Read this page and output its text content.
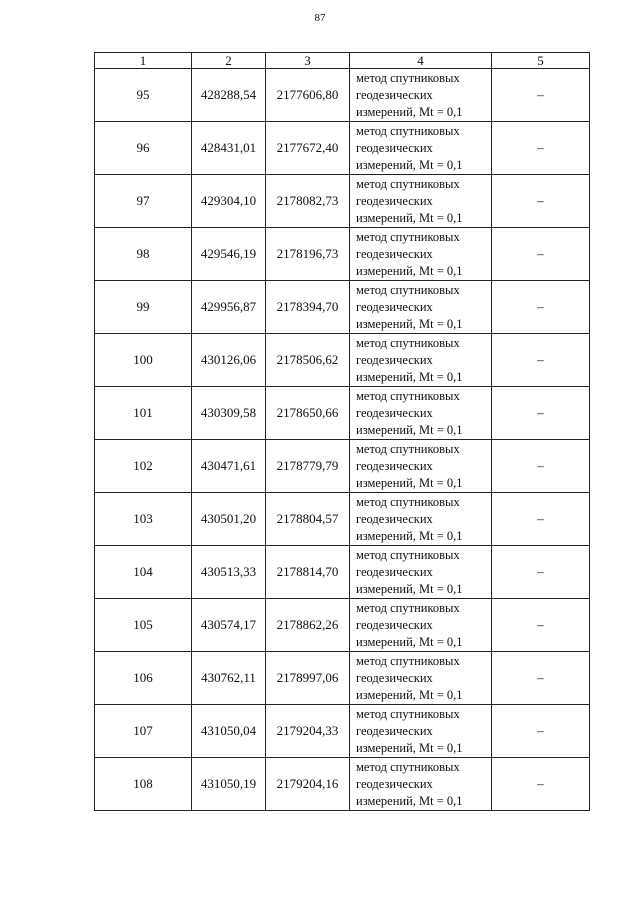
87
1	2	3	4	5
95	428288,54	2177606,80	метод спутниковых
геодезических
измерений, Mt = 0,1	–
96	428431,01	2177672,40	метод спутниковых
геодезических
измерений, Mt = 0,1	–
97	429304,10	2178082,73	метод спутниковых
геодезических
измерений, Mt = 0,1	–
98	429546,19	2178196,73	метод спутниковых
геодезических
измерений, Mt = 0,1	–
99	429956,87	2178394,70	метод спутниковых
геодезических
измерений, Mt = 0,1	–
100	430126,06	2178506,62	метод спутниковых
геодезических
измерений, Mt = 0,1	–
101	430309,58	2178650,66	метод спутниковых
геодезических
измерений, Mt = 0,1	–
102	430471,61	2178779,79	метод спутниковых
геодезических
измерений, Mt = 0,1	–
103	430501,20	2178804,57	метод спутниковых
геодезических
измерений, Mt = 0,1	–
104	430513,33	2178814,70	метод спутниковых
геодезических
измерений, Mt = 0,1	–
105	430574,17	2178862,26	метод спутниковых
геодезических
измерений, Mt = 0,1	–
106	430762,11	2178997,06	метод спутниковых
геодезических
измерений, Mt = 0,1	–
107	431050,04	2179204,33	метод спутниковых
геодезических
измерений, Mt = 0,1	–
108	431050,19	2179204,16	метод спутниковых
геодезических
измерений, Mt = 0,1	–
